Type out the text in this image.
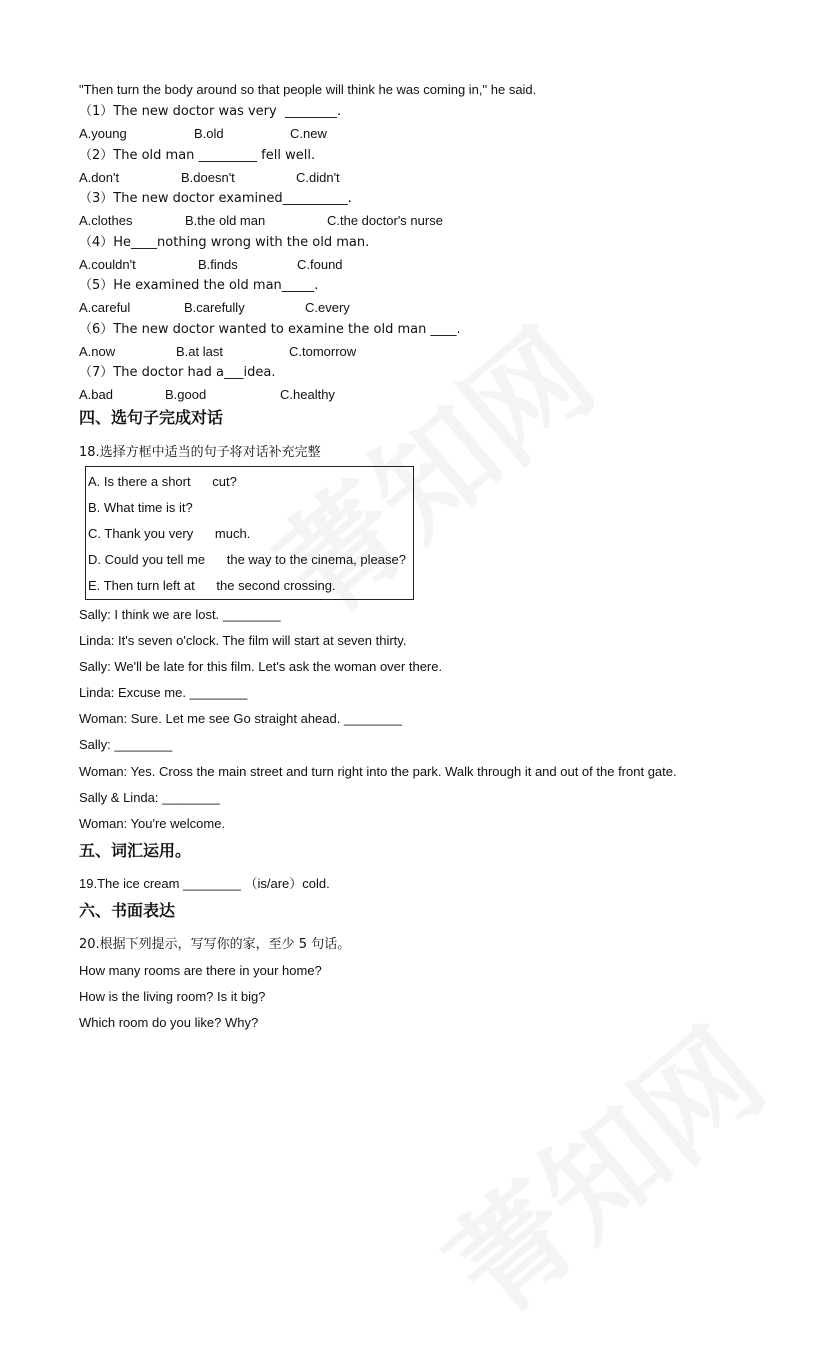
"Then turn the body around so that people will think he was coming in," he said.
（1）The new doctor was very  ________.
A.young	B.old	C.new
（2）The old man _________ fell well.
A.don't	B.doesn't	C.didn't
（3）The new doctor examined__________.
A.clothes	B.the old man	C.the doctor's nurse
（4）He____nothing wrong with the old man.
A.couldn't	B.finds	C.found
（5）He examined the old man_____.
A.careful	B.carefully	C.every
（6）The new doctor wanted to examine the old man ____.
A.now	B.at last	C.tomorrow
（7）The doctor had a___idea.
A.bad	B.good	C.healthy
四、选句子完成对话
18.选择方框中适当的句子将对话补充完整
A. Is there a short      cut?
B. What time is it?
C. Thank you very      much.
D. Could you tell me      the way to the cinema, please?
E. Then turn left at      the second crossing.
Sally: I think we are lost. ________
Linda: It's seven o'clock. The film will start at seven thirty.
Sally: We'll be late for this film. Let's ask the woman over there.
Linda: Excuse me. ________
Woman: Sure. Let me see Go straight ahead. ________
Sally: ________
Woman: Yes. Cross the main street and turn right into the park. Walk through it and out of the front gate.
Sally & Linda: ________
Woman: You're welcome.
五、词汇运用。
19.The ice cream ________ （is/are）cold.
六、书面表达
20.根据下列提示，写写你的家，至少 5 句话。
How many rooms are there in your home?
How is the living room? Is it big?
Which room do you like? Why?
